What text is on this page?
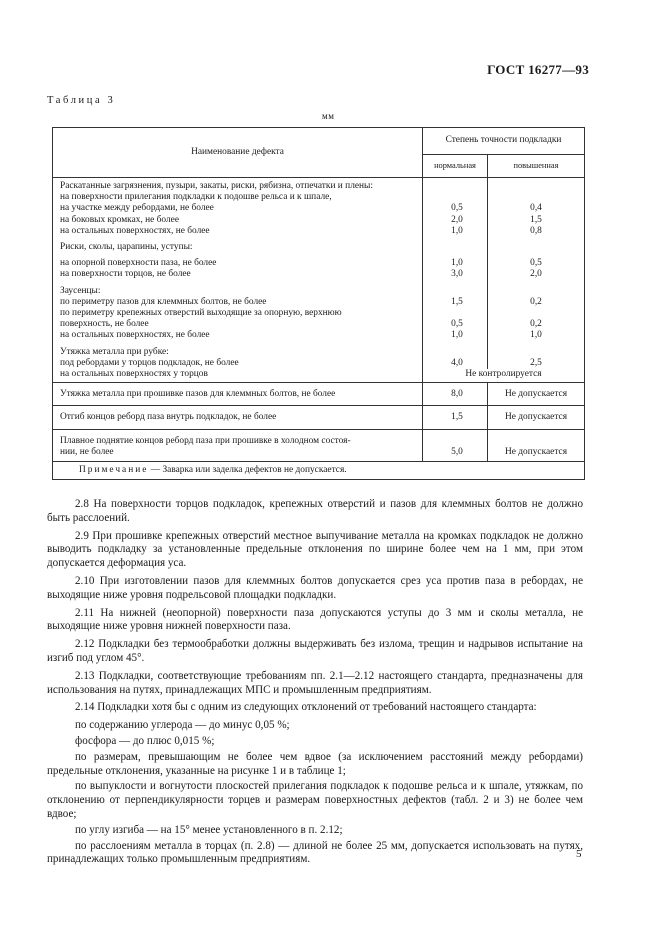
ГОСТ 16277—93
Таблица 3
мм
Наименование дефекта	Степень точности подкладки	
	нормальная	повышенная
Раскатанные загрязнения, пузыри, закаты, риски, рябизна, отпечатки и плены:		
на поверхности прилегания подкладки к подошве рельса и к шпале,		
на участке между ребордами, не более	0,5	0,4
на боковых кромках, не более	2,0	1,5
на остальных поверхностях, не более	1,0	0,8

Риски, сколы, царапины, уступы:		

на опорной поверхности паза, не более	1,0	0,5
на поверхности торцов, не более	3,0	2,0

Заусенцы:		
по периметру пазов для клеммных болтов, не более	1,5	0,2
по периметру крепежных отверстий выходящие за опорную, верхнюю		
поверхность, не более	0,5	0,2
на остальных поверхностях, не более	1,0	1,0

Утяжка металла при рубке:		
под ребордами у торцов подкладок, не более	4,0	2,5
на остальных поверхностях у торцов	Не контролируется	
Утяжка металла при прошивке пазов для клеммных болтов, не более	8,0	Не допускается
Отгиб концов реборд паза внутрь подкладок, не более	1,5	Не допускается
Плавное поднятие концов реборд паза при прошивке в холодном состоя-		
нии, не более	5,0	Не допускается
Примечание — Заварка или заделка дефектов не допускается.		

2.8 На поверхности торцов подкладок, крепежных отверстий и пазов для клеммных болтов не должно быть расслоений.

2.9 При прошивке крепежных отверстий местное выпучивание металла на кромках подкладок не должно выводить подкладку за установленные предельные отклонения по ширине более чем на 1 мм, при этом допускается деформация уса.

2.10 При изготовлении пазов для клеммных болтов допускается срез уса против паза в ребордах, не выходящие ниже уровня подрельсовой площадки подкладки.

2.11 На нижней (неопорной) поверхности паза допускаются уступы до 3 мм и сколы металла, не выходящие ниже уровня нижней поверхности паза.

2.12 Подкладки без термообработки должны выдерживать без излома, трещин и надрывов испытание на изгиб под углом 45°.

2.13 Подкладки, соответствующие требованиям пп. 2.1—2.12 настоящего стандарта, предназначены для использования на путях, принадлежащих МПС и промышленным предприятиям.

2.14 Подкладки хотя бы с одним из следующих отклонений от требований настоящего стандарта:

по содержанию углерода — до минус 0,05 %;

фосфора — до плюс 0,015 %;

по размерам, превышающим не более чем вдвое (за исключением расстояний между ребордами) предельные отклонения, указанные на рисунке 1 и в таблице 1;

по выпуклости и вогнутости плоскостей прилегания подкладок к подошве рельса и к шпале, утяжкам, по отклонению от перпендикулярности торцев и размерам поверхностных дефектов (табл. 2 и 3) не более чем вдвое;

по углу изгиба — на 15° менее установленного в п. 2.12;

по расслоениям металла в торцах (п. 2.8) — длиной не более 25 мм, допускается использовать на путях, принадлежащих только промышленным предприятиям.	5
